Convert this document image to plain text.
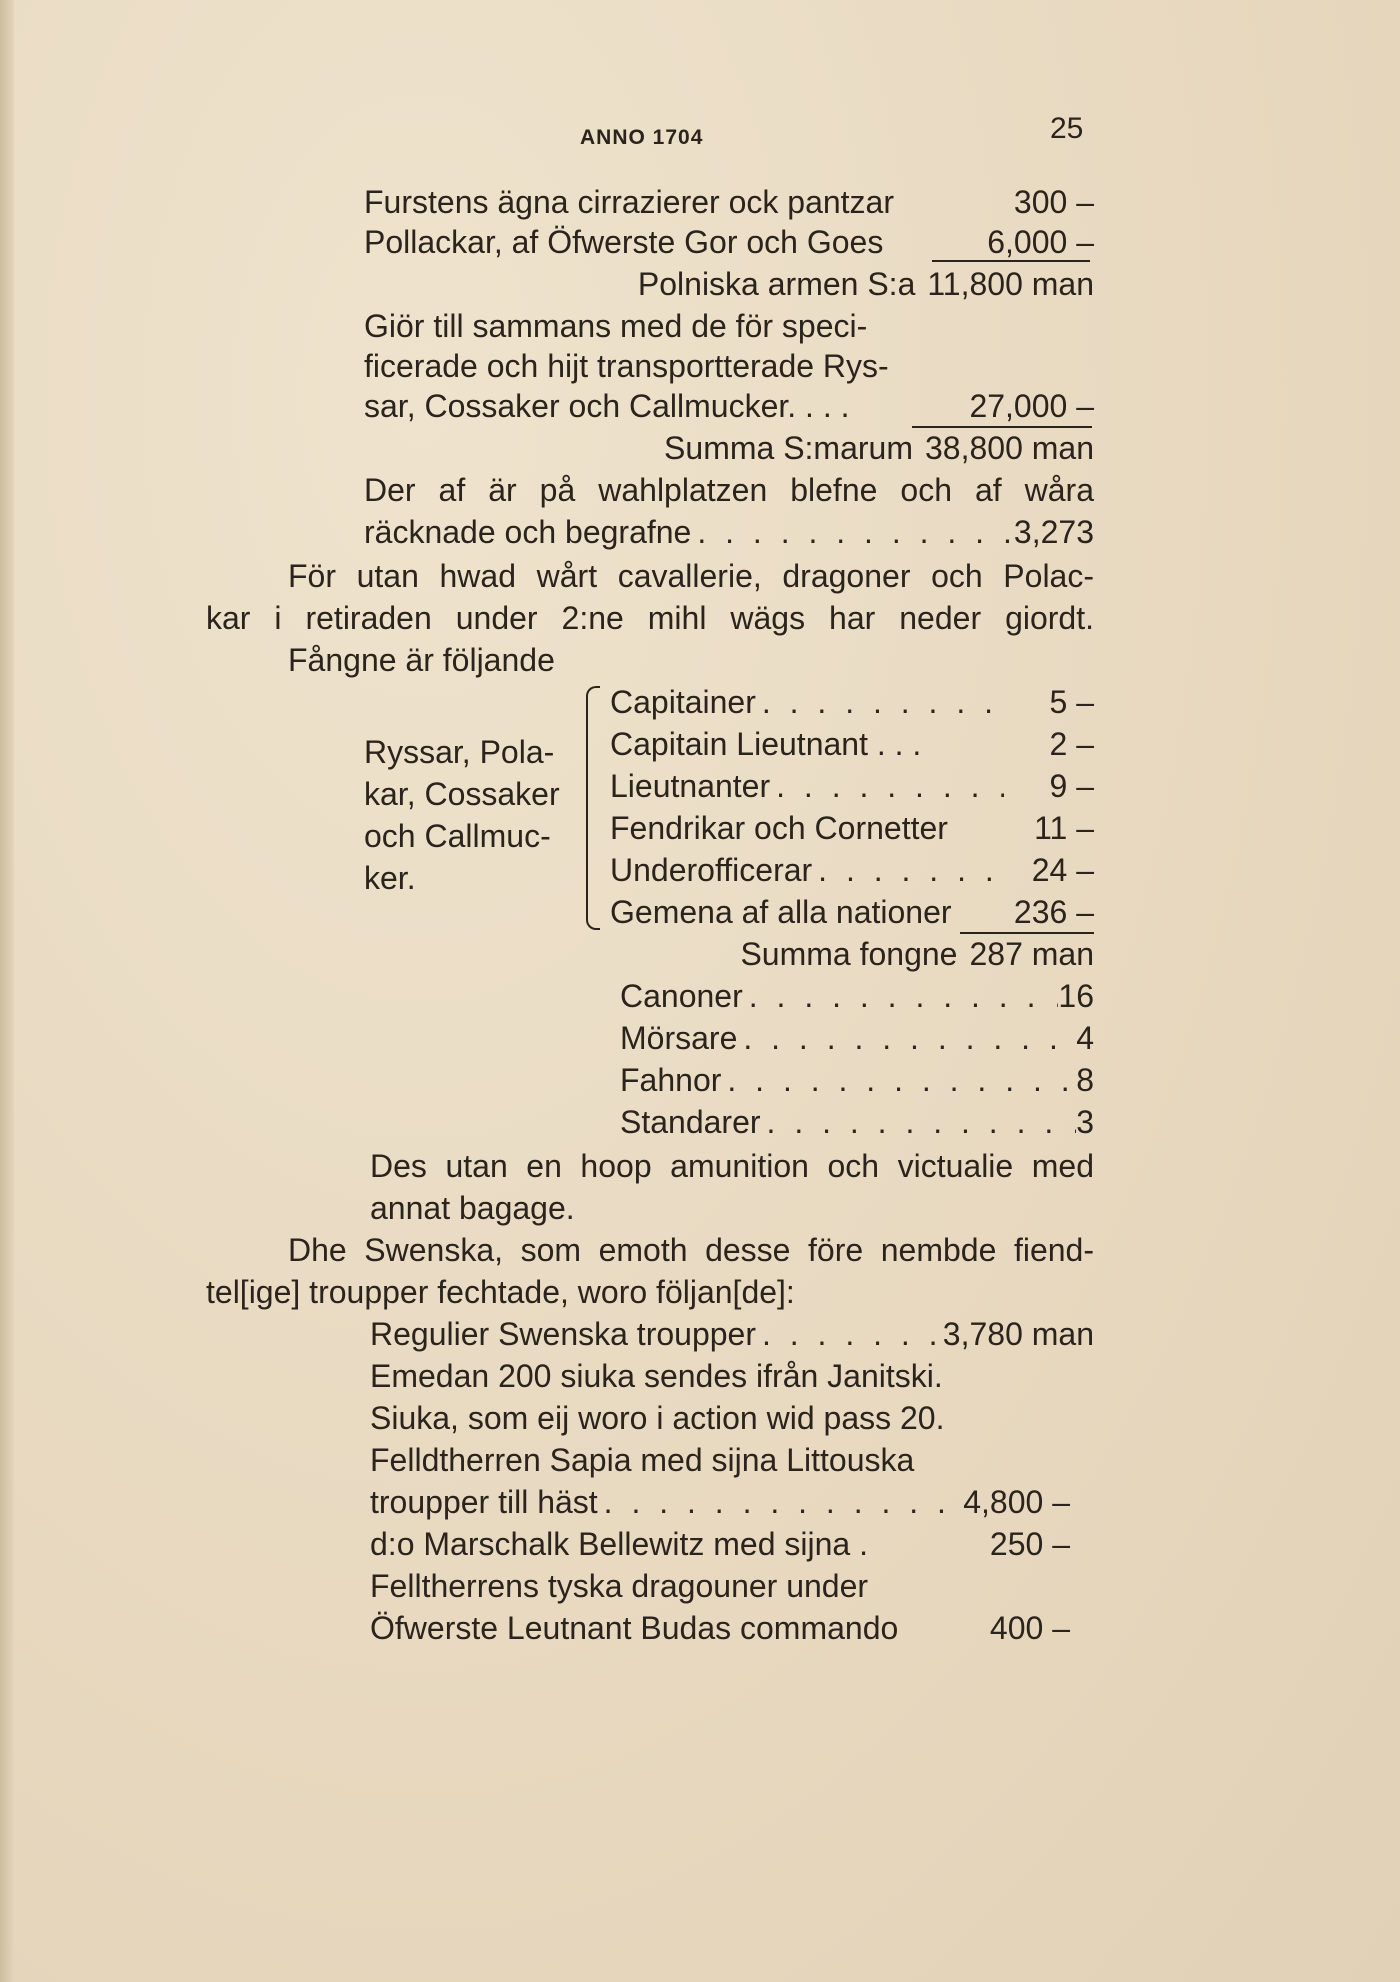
ANNO 1704	25
Furstens ägna cirrazierer ock pantzar	300 –
Pollackar, af Öfwerste Gor och Goes	6,000 –
Polniska armen S:a 11,800 man
Giör till sammans med de för speci-
ficerade och hijt transportterade Rys-
sar, Cossaker och Callmucker. . . .	27,000 –
Summa S:marum 38,800 man
Der af är på wahlplatzen blefne och af wåra
räcknade och begrafne . . .	3,273
För utan hwad wårt cavallerie, dragoner och Polac-
kar i retiraden under 2:ne mihl wägs har neder giordt.
Fångne är följande
Ryssar, Pola-
kar, Cossaker
och Callmuc-
ker.
Capitainer . . .	5 –
Capitain Lieutnant . . .	2 –
Lieutnanter . . .	9 –
Fendrikar och Cornetter	11 –
Underofficerar . . .	24 –
Gemena af alla nationer	236 –
Summa fongne 287 man
Canoner . . .	16
Mörsare . . .	4
Fahnor . . .	8
Standarer . . .	3
Des utan en hoop amunition och victualie med
annat bagage.
Dhe Swenska, som emoth desse före nembde fiend-
tel[ige] troupper fechtade, woro följan[de]:
Regulier Swenska troupper . . .	3,780 man
Emedan 200 siuka sendes ifrån Janitski.
Siuka, som eij woro i action wid pass 20.
Felldtherren Sapia med sijna Littouska
troupper till häst . . .	4,800 –
d:o Marschalk Bellewitz med sijna .	250 –
Felltherrens tyska dragouner under
Öfwerste Leutnant Budas commando	400 –
